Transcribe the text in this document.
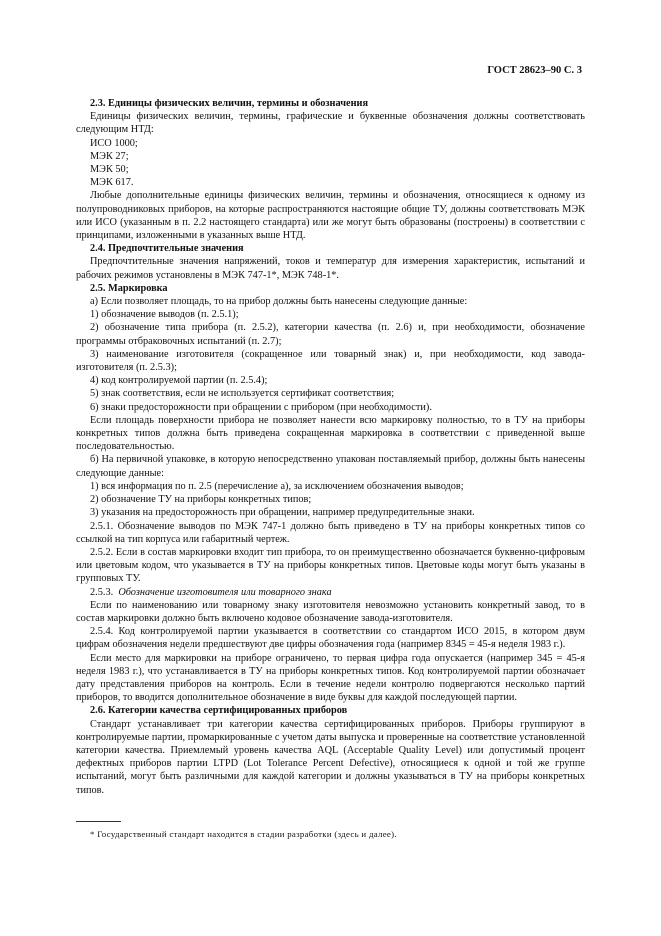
ГОСТ 28623–90 С. 3

2.3. Единицы физических величин, термины и обозначения

Единицы физических величин, термины, графические и буквенные обозначения должны соответствовать следующим НТД:

ИСО 1000;

МЭК 27;

МЭК 50;

МЭК 617.

Любые дополнительные единицы физических величин, термины и обозначения, относящиеся к одному из полупроводниковых приборов, на которые распространяются настоящие общие ТУ, должны соответствовать МЭК или ИСО (указанным в п. 2.2 настоящего стандарта) или же могут быть образованы (построены) в соответствии с принципами, изложенными в указанных выше НТД.

2.4. Предпочтительные значения

Предпочтительные значения напряжений, токов и температур для измерения характеристик, испытаний и рабочих режимов установлены в МЭК 747-1*, МЭК 748-1*.

2.5. Маркировка

а) Если позволяет площадь, то на прибор должны быть нанесены следующие данные:

1) обозначение выводов (п. 2.5.1);

2) обозначение типа прибора (п. 2.5.2), категории качества (п. 2.6) и, при необходимости, обозначение программы отбраковочных испытаний (п. 2.7);

3) наименование изготовителя (сокращенное или товарный знак) и, при необходимости, код завода-изготовителя (п. 2.5.3);

4) код контролируемой партии (п. 2.5.4);

5) знак соответствия, если не используется сертификат соответствия;

6) знаки предосторожности при обращении с прибором (при необходимости).

Если площадь поверхности прибора не позволяет нанести всю маркировку полностью, то в ТУ на приборы конкретных типов должна быть приведена сокращенная маркировка в соответствии с приведенной выше последовательностью.

б) На первичной упаковке, в которую непосредственно упакован поставляемый прибор, должны быть нанесены следующие данные:

1) вся информация по п. 2.5 (перечисление а), за исключением обозначения выводов;

2) обозначение ТУ на приборы конкретных типов;

3) указания на предосторожность при обращении, например предупредительные знаки.

2.5.1. Обозначение выводов по МЭК 747-1 должно быть приведено в ТУ на приборы конкретных типов со ссылкой на тип корпуса или габаритный чертеж.

2.5.2. Если в состав маркировки входит тип прибора, то он преимущественно обозначается буквенно-цифровым или цветовым кодом, что указывается в ТУ на приборы конкретных типов. Цветовые коды могут быть указаны в групповых ТУ.

2.5.3. Обозначение изготовителя или товарного знака

Если по наименованию или товарному знаку изготовителя невозможно установить конкретный завод, то в состав маркировки должно быть включено кодовое обозначение завода-изготовителя.

2.5.4. Код контролируемой партии указывается в соответствии со стандартом ИСО 2015, в котором двум цифрам обозначения недели предшествуют две цифры обозначения года (например 8345 = 45-я неделя 1983 г.).

Если место для маркировки на приборе ограничено, то первая цифра года опускается (например 345 = 45-я неделя 1983 г.), что устанавливается в ТУ на приборы конкретных типов. Код контролируемой партии обозначает дату представления приборов на контроль. Если в течение недели контролю подвергаются несколько партий приборов, то вводится дополнительное обозначение в виде буквы для каждой последующей партии.

2.6. Категории качества сертифицированных приборов

Стандарт устанавливает три категории качества сертифицированных приборов. Приборы группируют в контролируемые партии, промаркированные с учетом даты выпуска и проверенные на соответствие установленной категории качества. Приемлемый уровень качества AQL (Acceptable Quality Level) или допустимый процент дефектных приборов партии LTPD (Lot Tolerance Percent Defective), относящиеся к одной и той же группе испытаний, могут быть различными для каждой категории и должны указываться в ТУ на приборы конкретных типов.

* Государственный стандарт находится в стадии разработки (здесь и далее).
